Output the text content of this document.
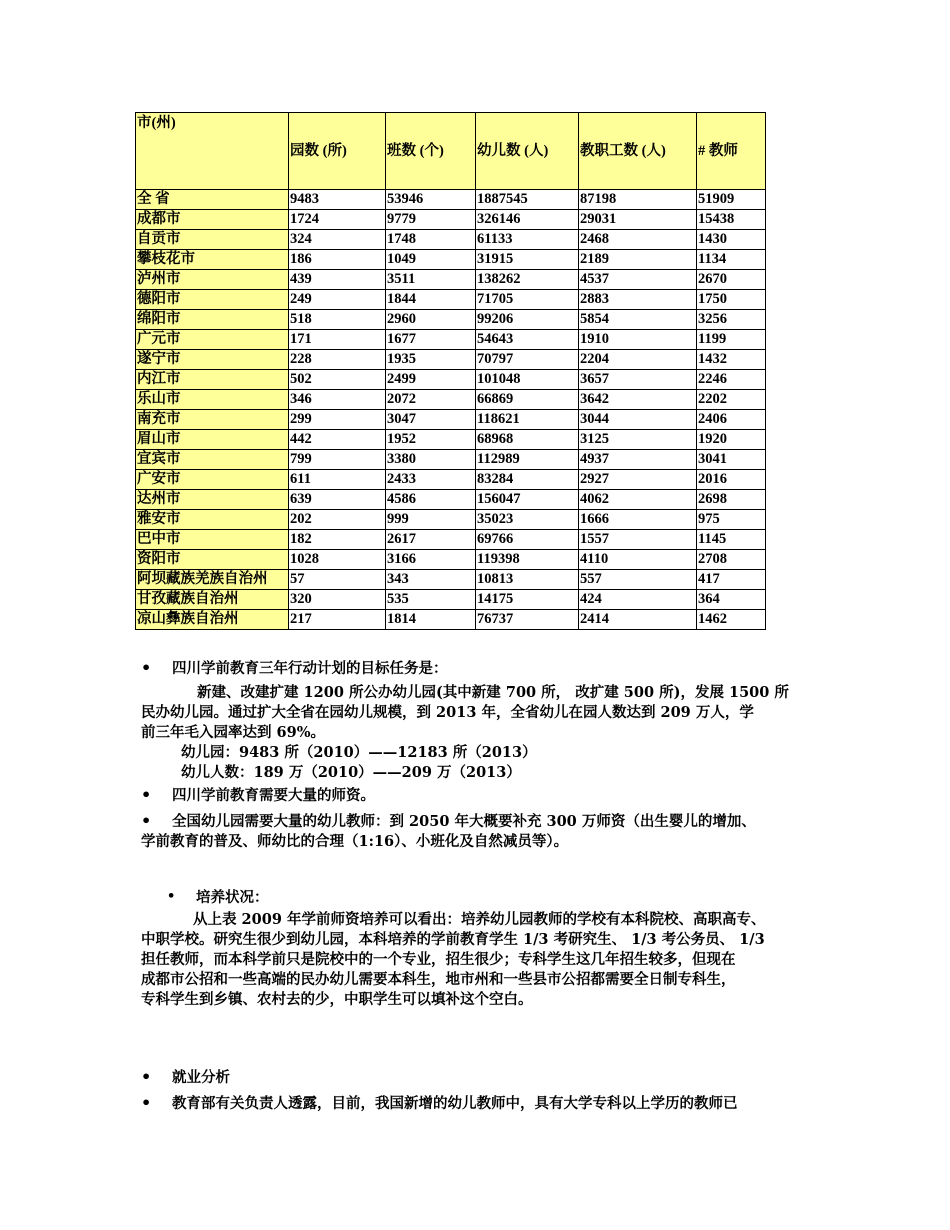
市(州)	园数 (所)	班数 (个)	幼儿数 (人)	教职工数 (人)	# 教师
全 省	9483	53946	1887545	87198	51909
成都市	1724	9779	326146	29031	15438
自贡市	324	1748	61133	2468	1430
攀枝花市	186	1049	31915	2189	1134
泸州市	439	3511	138262	4537	2670
德阳市	249	1844	71705	2883	1750
绵阳市	518	2960	99206	5854	3256
广元市	171	1677	54643	1910	1199
遂宁市	228	1935	70797	2204	1432
内江市	502	2499	101048	3657	2246
乐山市	346	2072	66869	3642	2202
南充市	299	3047	118621	3044	2406
眉山市	442	1952	68968	3125	1920
宜宾市	799	3380	112989	4937	3041
广安市	611	2433	83284	2927	2016
达州市	639	4586	156047	4062	2698
雅安市	202	999	35023	1666	975
巴中市	182	2617	69766	1557	1145
资阳市	1028	3166	119398	4110	2708
阿坝藏族羌族自治州	57	343	10813	557	417
甘孜藏族自治州	320	535	14175	424	364
凉山彝族自治州	217	1814	76737	2414	1462
• 四川学前教育三年行动计划的目标任务是：
新建、改建扩建 1200 所公办幼儿园(其中新建 700 所， 改扩建 500 所)，发展 1500 所
民办幼儿园。通过扩大全省在园幼儿规模，到 2013 年，全省幼儿在园人数达到 209 万人，学
前三年毛入园率达到 69%。
幼儿园：9483 所（2010）——12183 所（2013）
幼儿人数：189 万（2010）——209 万（2013）
• 四川学前教育需要大量的师资。
• 全国幼儿园需要大量的幼儿教师：到 2050 年大概要补充 300 万师资（出生婴儿的增加、
学前教育的普及、师幼比的合理（1:16）、小班化及自然减员等）。
• 培养状况：
从上表 2009 年学前师资培养可以看出：培养幼儿园教师的学校有本科院校、高职高专、
中职学校。研究生很少到幼儿园，本科培养的学前教育学生 1/3 考研究生、 1/3 考公务员、 1/3
担任教师，而本科学前只是院校中的一个专业，招生很少；专科学生这几年招生较多，但现在
成都市公招和一些高端的民办幼儿需要本科生，地市州和一些县市公招都需要全日制专科生，
专科学生到乡镇、农村去的少，中职学生可以填补这个空白。
• 就业分析
• 教育部有关负责人透露，目前，我国新增的幼儿教师中，具有大学专科以上学历的教师已
